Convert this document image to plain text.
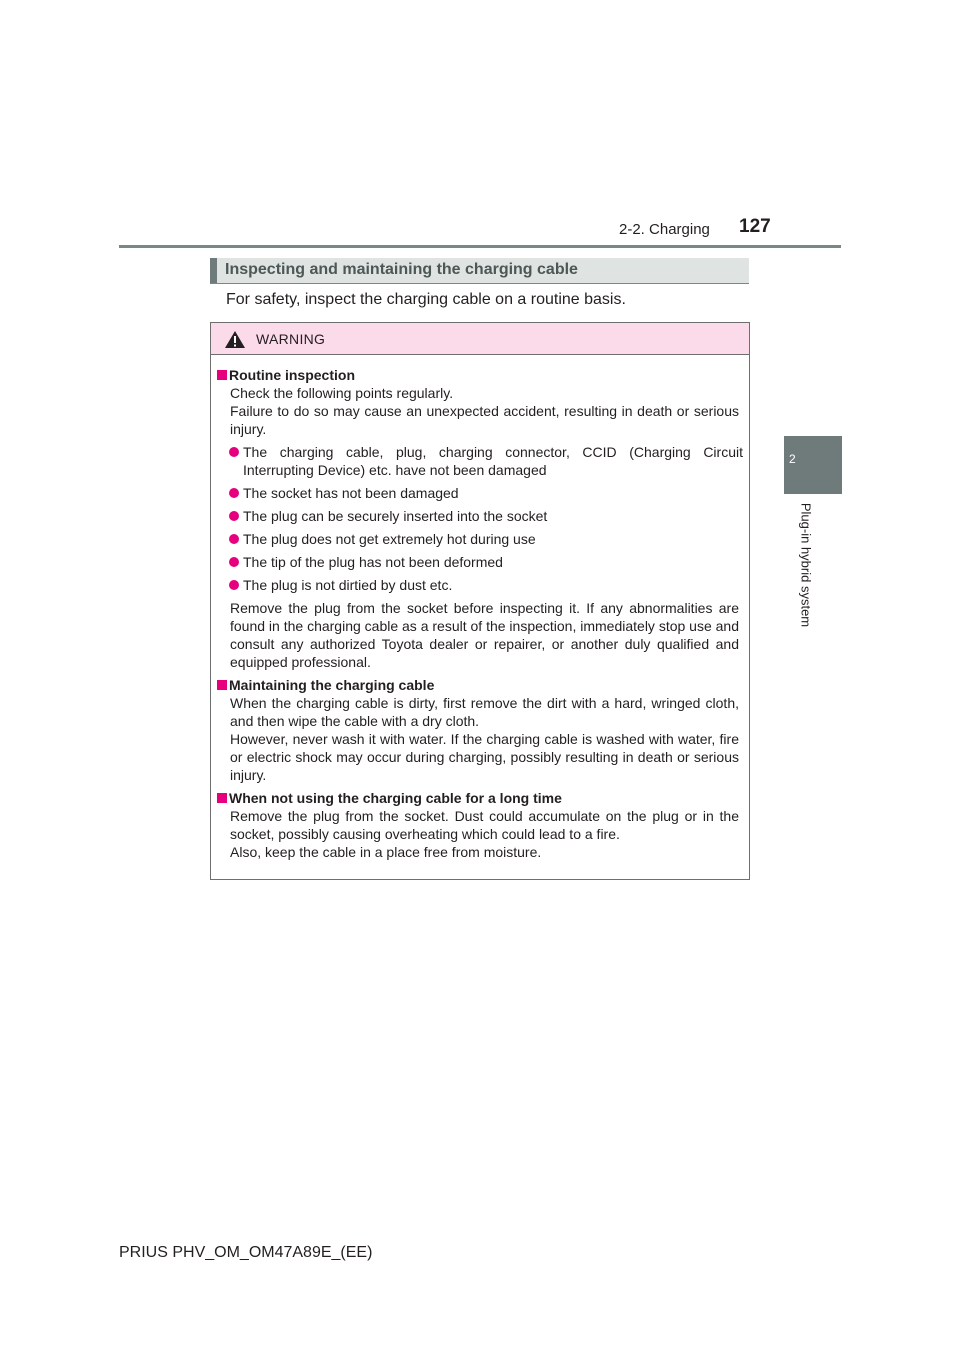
2-2. Charging 127
2
Plug-in hybrid system
Inspecting and maintaining the charging cable
For safety, inspect the charging cable on a routine basis.
WARNING
Routine inspection
Check the following points regularly.
Failure to do so may cause an unexpected accident, resulting in death or serious injury.
The charging cable, plug, charging connector, CCID (Charging Circuit Interrupting Device) etc. have not been damaged
The socket has not been damaged
The plug can be securely inserted into the socket
The plug does not get extremely hot during use
The tip of the plug has not been deformed
The plug is not dirtied by dust etc.
Remove the plug from the socket before inspecting it. If any abnormalities are found in the charging cable as a result of the inspection, immediately stop use and consult any authorized Toyota dealer or repairer, or another duly qualified and equipped professional.
Maintaining the charging cable
When the charging cable is dirty, first remove the dirt with a hard, wringed cloth, and then wipe the cable with a dry cloth.
However, never wash it with water. If the charging cable is washed with water, fire or electric shock may occur during charging, possibly resulting in death or serious injury.
When not using the charging cable for a long time
Remove the plug from the socket. Dust could accumulate on the plug or in the socket, possibly causing overheating which could lead to a fire.
Also, keep the cable in a place free from moisture.
PRIUS PHV_OM_OM47A89E_(EE)
